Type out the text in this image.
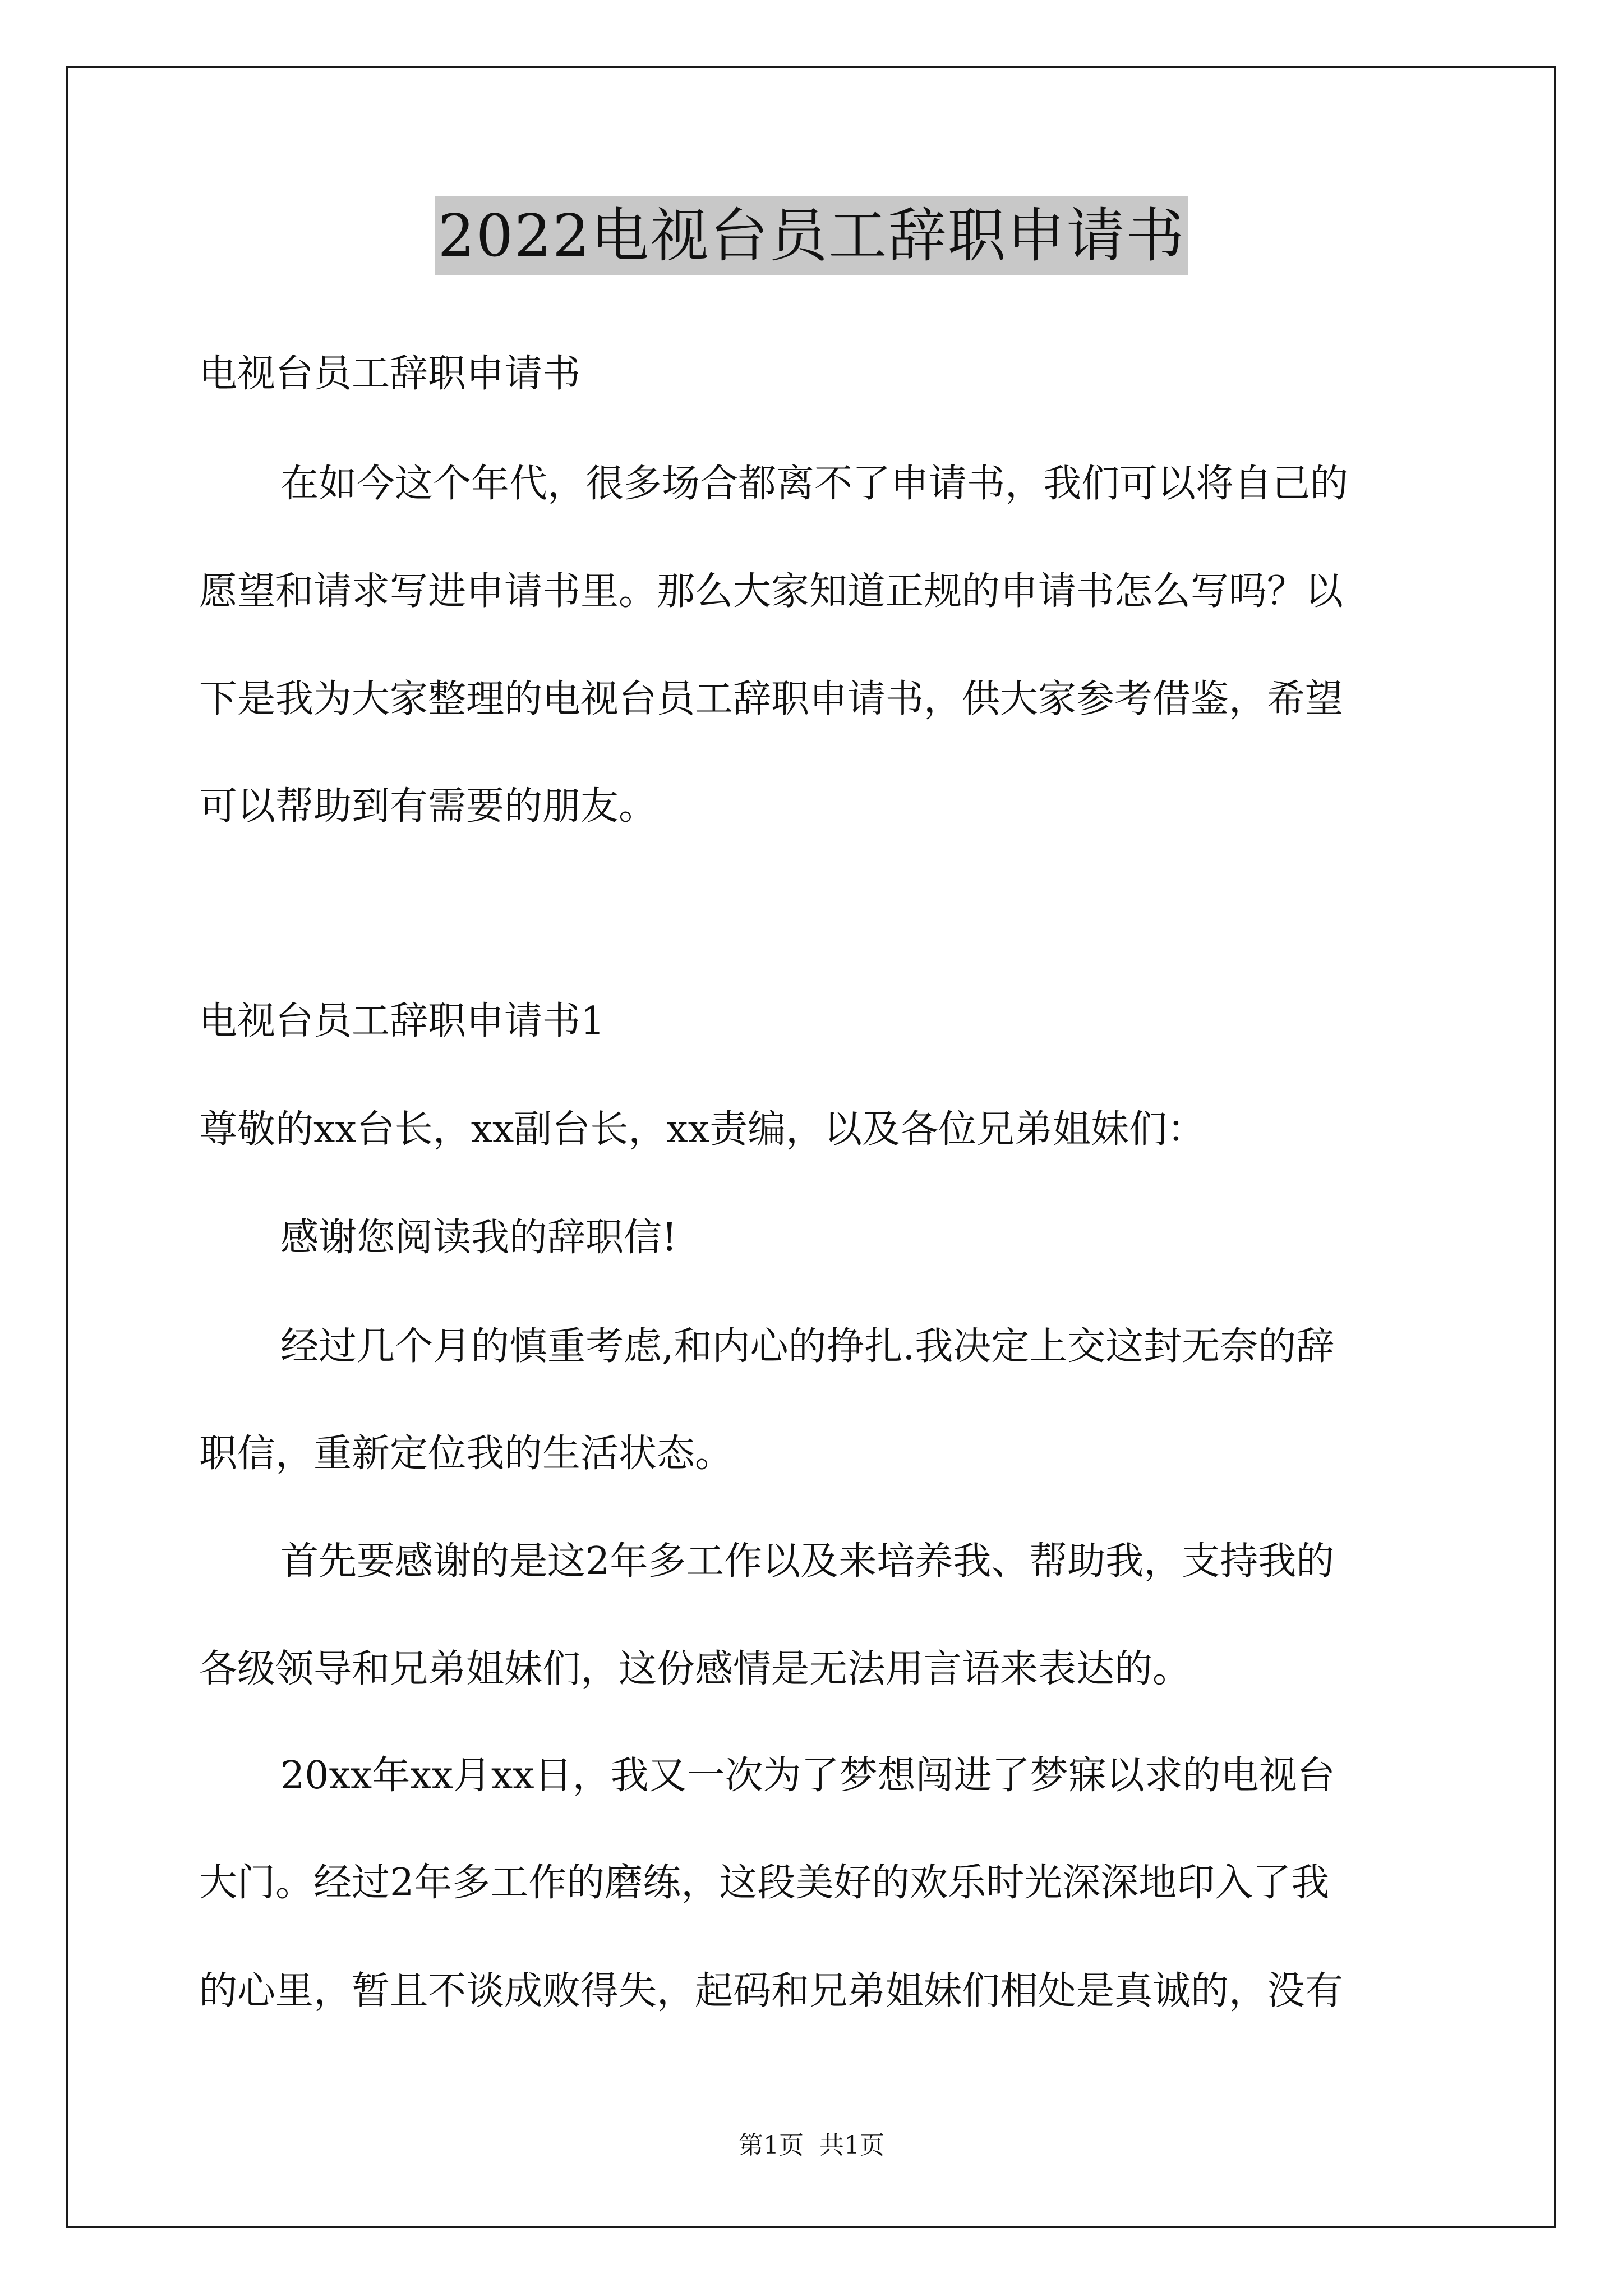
2022电视台员工辞职申请书
电视台员工辞职申请书
在如今这个年代，很多场合都离不了申请书，我们可以将自己的
愿望和请求写进申请书里。那么大家知道正规的申请书怎么写吗？以
下是我为大家整理的电视台员工辞职申请书，供大家参考借鉴，希望
可以帮助到有需要的朋友。
电视台员工辞职申请书1
尊敬的xx台长，xx副台长，xx责编，以及各位兄弟姐妹们：
感谢您阅读我的辞职信!
经过几个月的慎重考虑,和内心的挣扎.我决定上交这封无奈的辞
职信，重新定位我的生活状态。
首先要感谢的是这2年多工作以及来培养我、帮助我，支持我的
各级领导和兄弟姐妹们，这份感情是无法用言语来表达的。
20xx年xx月xx日，我又一次为了梦想闯进了梦寐以求的电视台
大门。经过2年多工作的磨练，这段美好的欢乐时光深深地印入了我
的心里，暂且不谈成败得失，起码和兄弟姐妹们相处是真诚的，没有
第1页 共1页
